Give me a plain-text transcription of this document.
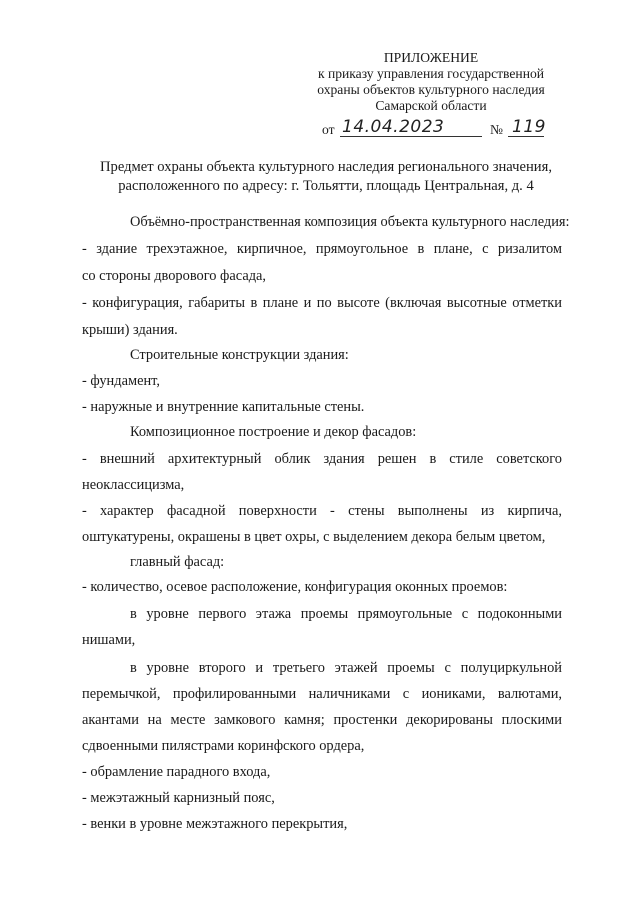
ПРИЛОЖЕНИЕ
к приказу управления государственной
охраны объектов культурного наследия
Самарской области
от 14.04.2023	№ 119
Предмет охраны объекта культурного наследия регионального значения,
расположенного по адресу: г. Тольятти, площадь Центральная, д. 4
Объёмно-пространственная композиция объекта культурного наследия:
- здание трехэтажное, кирпичное, прямоугольное в плане, с ризалитом
со стороны дворового фасада,
- конфигурация, габариты в плане и по высоте (включая высотные отметки
крыши) здания.
Строительные конструкции здания:
- фундамент,
- наружные и внутренние капитальные стены.
Композиционное построение и декор фасадов:
- внешний архитектурный облик здания решен в стиле советского
неоклассицизма,
- характер фасадной поверхности - стены выполнены из кирпича,
оштукатурены, окрашены в цвет охры, с выделением декора белым цветом,
главный фасад:
- количество, осевое расположение, конфигурация оконных проемов:
в уровне первого этажа проемы прямоугольные с подоконными
нишами,
в уровне второго и третьего этажей проемы с полуциркульной
перемычкой, профилированными наличниками с иониками, валютами,
акантами на месте замкового камня; простенки декорированы плоскими
сдвоенными пилястрами коринфского ордера,
- обрамление парадного входа,
- межэтажный карнизный пояс,
- венки в уровне межэтажного перекрытия,
